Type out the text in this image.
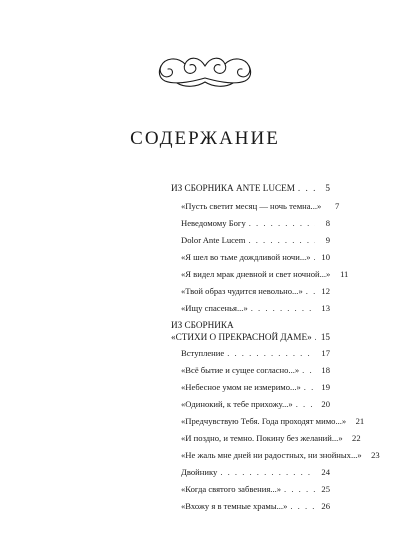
СОДЕРЖАНИЕ
ИЗ СБОРНИКА ANTE LUCEM . . .	5
«Пусть светит месяц — ночь темна...»	7
Неведомому Богу . . .	8
Dolor Ante Lucem . . .	9
«Я шел во тьме дождливой ночи...» . . .	10
«Я видел мрак дневной и свет ночной...»	11
«Твой образ чудится невольно...» . . .	12
«Ищу спасенья...» . . .	13
ИЗ СБОРНИКА
«СТИХИ О ПРЕКРАСНОЙ ДАМЕ» . . . 15
Вступление . . .	17
«Всё бытие и сущее согласно...» . . .	18
«Небесное умом не измеримо...» . . .	19
«Одинокий, к тебе прихожу...» . . .	20
«Предчувствую Тебя. Года проходят мимо...»	21
«И поздно, и темно. Покину без желаний...»	22
«Не жаль мне дней ни радостных, ни знойных...»	23
Двойнику . . .	24
«Когда святого забвения...» . . .	25
«Вхожу я в темные храмы...» . . .	26
